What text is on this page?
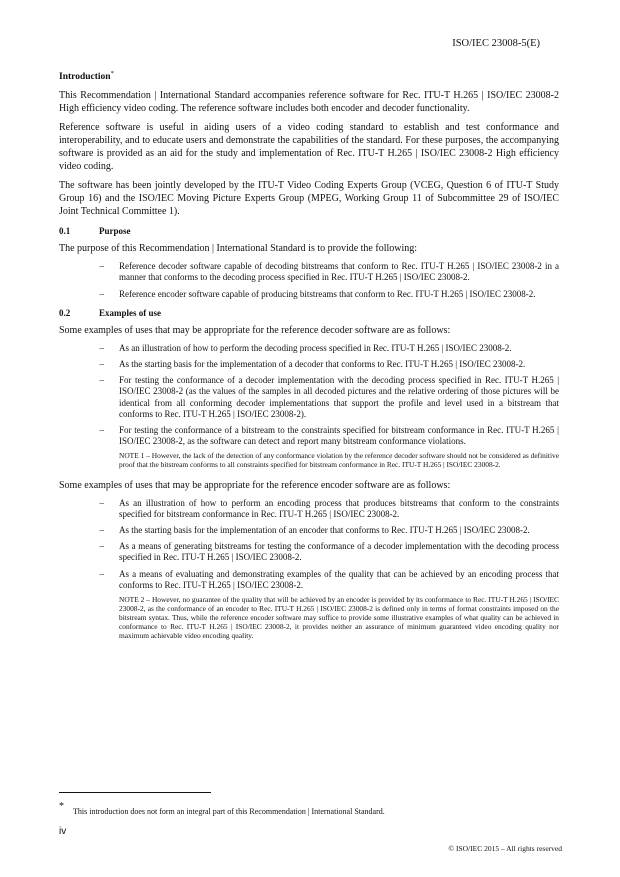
ISO/IEC 23008-5(E)
Introduction*

This Recommendation | International Standard accompanies reference software for Rec. ITU-T H.265 | ISO/IEC 23008-2 High efficiency video coding. The reference software includes both encoder and decoder functionality.

Reference software is useful in aiding users of a video coding standard to establish and test conformance and interoperability, and to educate users and demonstrate the capabilities of the standard. For these purposes, the accompanying software is provided as an aid for the study and implementation of Rec. ITU-T H.265 | ISO/IEC 23008-2 High efficiency video coding.

The software has been jointly developed by the ITU-T Video Coding Experts Group (VCEG, Question 6 of ITU-T Study Group 16) and the ISO/IEC Moving Picture Experts Group (MPEG, Working Group 11 of Subcommittee 29 of ISO/IEC Joint Technical Committee 1).

0.1	Purpose

The purpose of this Recommendation | International Standard is to provide the following:

–	Reference decoder software capable of decoding bitstreams that conform to Rec. ITU-T H.265 | ISO/IEC 23008-2 in a manner that conforms to the decoding process specified in Rec. ITU-T H.265 | ISO/IEC 23008-2.
–	Reference encoder software capable of producing bitstreams that conform to Rec. ITU-T H.265 | ISO/IEC 23008-2.
0.2	Examples of use

Some examples of uses that may be appropriate for the reference decoder software are as follows:

–	As an illustration of how to perform the decoding process specified in Rec. ITU-T H.265 | ISO/IEC 23008-2.
–	As the starting basis for the implementation of a decoder that conforms to Rec. ITU-T H.265 | ISO/IEC 23008-2.
–	For testing the conformance of a decoder implementation with the decoding process specified in Rec. ITU-T H.265 | ISO/IEC 23008-2 (as the values of the samples in all decoded pictures and the relative ordering of those pictures will be identical from all conforming decoder implementations that support the profile and level used in a bitstream that conforms to Rec. ITU-T H.265 | ISO/IEC 23008-2).
–	For testing the conformance of a bitstream to the constraints specified for bitstream conformance in Rec. ITU-T H.265 | ISO/IEC 23008-2, as the software can detect and report many bitstream conformance violations.
NOTE 1 – However, the lack of the detection of any conformance violation by the reference decoder software should not be considered as definitive proof that the bitstream conforms to all constraints specified for bitstream conformance in Rec. ITU-T H.265 | ISO/IEC 23008-2.

Some examples of uses that may be appropriate for the reference encoder software are as follows:

–	As an illustration of how to perform an encoding process that produces bitstreams that conform to the constraints specified for bitstream conformance in Rec. ITU-T H.265 | ISO/IEC 23008-2.
–	As the starting basis for the implementation of an encoder that conforms to Rec. ITU-T H.265 | ISO/IEC 23008-2.
–	As a means of generating bitstreams for testing the conformance of a decoder implementation with the decoding process specified in Rec. ITU-T H.265 | ISO/IEC 23008-2.
–	As a means of evaluating and demonstrating examples of the quality that can be achieved by an encoding process that conforms to Rec. ITU-T H.265 | ISO/IEC 23008-2.
NOTE 2 – However, no guarantee of the quality that will be achieved by an encoder is provided by its conformance to Rec. ITU-T H.265 | ISO/IEC 23008-2, as the conformance of an encoder to Rec. ITU-T H.265 | ISO/IEC 23008-2 is defined only in terms of format constraints imposed on the bitstream syntax. Thus, while the reference encoder software may suffice to provide some illustrative examples of what quality can be achieved in conformance to Rec. ITU-T H.265 | ISO/IEC 23008-2, it provides neither an assurance of minimum guaranteed video encoding quality nor maximum achievable video encoding quality.
*	This introduction does not form an integral part of this Recommendation | International Standard.
iv
© ISO/IEC 2015 – All rights reserved
